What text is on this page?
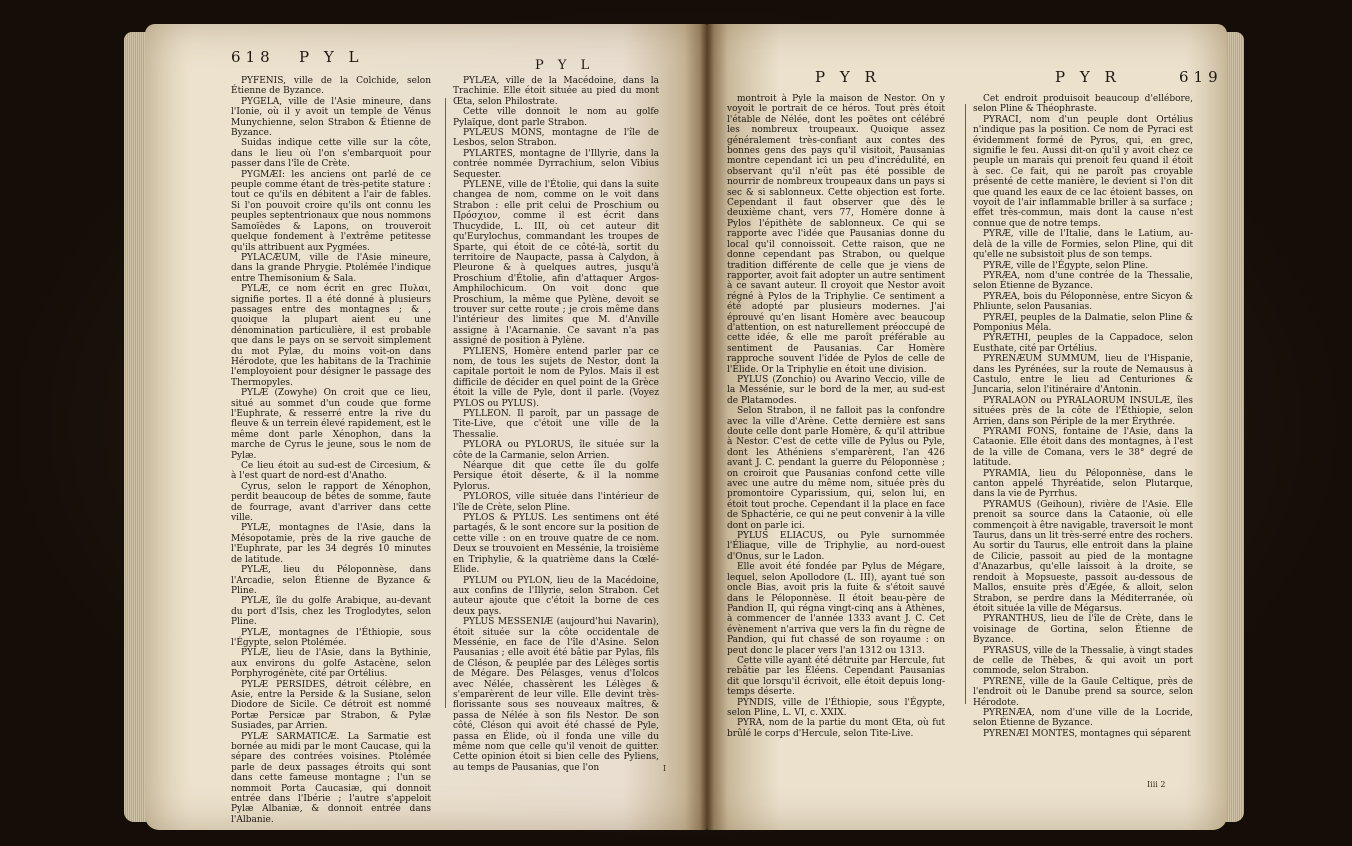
618 P Y L	P Y L

PYFENIS, ville de la Colchide, selon Étienne de Byzance.

PYGELA, ville de l'Asie mineure, dans l'Ionie, où il y avoit un temple de Vénus Munychienne, selon Strabon & Étienne de Byzance.

Suidas indique cette ville sur la côte, dans le lieu où l'on s'embarquoit pour passer dans l'île de Crète.

PYGMÆI: les anciens ont parlé de ce peuple comme étant de très-petite stature : tout ce qu'ils en débitent a l'air de fables. Si l'on pouvoit croire qu'ils ont connu les peuples septentrionaux que nous nommons Samoïèdes & Lapons, on trouveroit quelque fondement à l'extrême petitesse qu'ils attribuent aux Pygmées.

PYLACÆUM, ville de l'Asie mineure, dans la grande Phrygie. Ptolémée l'indique entre Themisonium & Sala.

PYLÆ, ce nom écrit en grec Πυλαι, signifie portes. Il a été donné à plusieurs passages entre des montagnes ; & , quoique la plupart aient eu une dénomination particulière, il est probable que dans le pays on se servoit simplement du mot Pylæ, du moins voit-on dans Hérodote, que les habitans de la Trachinie l'employoient pour désigner le passage des Thermopyles.

PYLÆ (Zowyhe) On croit que ce lieu, situé au sommet d'un coude que forme l'Euphrate, & resserré entre la rive du fleuve & un terrein élevé rapidement, est le même dont parle Xénophon, dans la marche de Cyrus le jeune, sous le nom de Pylæ.

Ce lieu étoit au sud-est de Circesium, & à l'est quart de nord-est d'Anatho.

Cyrus, selon le rapport de Xénophon, perdit beaucoup de bêtes de somme, faute de fourrage, avant d'arriver dans cette ville.

PYLÆ, montagnes de l'Asie, dans la Mésopotamie, près de la rive gauche de l'Euphrate, par les 34 degrés 10 minutes de latitude.

PYLÆ, lieu du Péloponnèse, dans l'Arcadie, selon Étienne de Byzance & Pline.

PYLÆ, île du golfe Arabique, au-devant du port d'Isis, chez les Troglodytes, selon Pline.

PYLÆ, montagnes de l'Éthiopie, sous l'Égypte, selon Ptolémée.

PYLÆ, lieu de l'Asie, dans la Bythinie, aux environs du golfe Astacène, selon Porphyrogénète, cité par Ortélius.

PYLÆ PERSIDES, détroit célèbre, en Asie, entre la Perside & la Susiane, selon Diodore de Sicile. Ce détroit est nommé Portæ Persicæ par Strabon, & Pylæ Susiades, par Arrien.

PYLÆ SARMATICÆ. La Sarmatie est bornée au midi par le mont Caucase, qui la sépare des contrées voisines. Ptolémée parle de deux passages étroits qui sont dans cette fameuse montagne ; l'un se nommoit Porta Caucasiæ, qui donnoit entrée dans l'Ibérie ; l'autre s'appeloit Pylæ Albaniæ, & donnoit entrée dans l'Albanie.

PYLÆA, ville de la Macédoine, dans la Trachinie. Elle étoit située au pied du mont Œta, selon Philostrate.

Cette ville donnoit le nom au golfe Pylaïque, dont parle Strabon.

PYLÆUS MONS, montagne de l'île de Lesbos, selon Strabon.

PYLARTES, montagne de l'Illyrie, dans la contrée nommée Dyrrachium, selon Vibius Sequester.

PYLENE, ville de l'Étolie, qui dans la suite changea de nom, comme on le voit dans Strabon : elle prit celui de Proschium ou Πρόσχιον, comme il est écrit dans Thucydide, L. III, où cet auteur dit qu'Eurylochus, commandant les troupes de Sparte, qui étoit de ce côté-là, sortit du territoire de Naupacte, passa à Calydon, à Pleurone & à quelques autres, jusqu'à Proschium d'Étolie, afin d'attaquer Argos-Amphilochicum. On voit donc que Proschium, la même que Pylène, devoit se trouver sur cette route ; je crois même dans l'intérieur des limites que M. d'Anville assigne à l'Acarnanie. Ce savant n'a pas assigné de position à Pylène.

PYLIENS, Homère entend parler par ce nom, de tous les sujets de Nestor, dont la capitale portoit le nom de Pylos. Mais il est difficile de décider en quel point de la Grèce étoit la ville de Pyle, dont il parle. (Voyez PYLOS ou PYLUS).

PYLLEON. Il paroît, par un passage de Tite-Live, que c'étoit une ville de la Thessalie.

PYLORA ou PYLORUS, île située sur la côte de la Carmanie, selon Arrien.

Néarque dit que cette île du golfe Persique étoit déserte, & il la nomme Pylorus.

PYLOROS, ville située dans l'intérieur de l'île de Crète, selon Pline.

PYLOS & PYLUS. Les sentimens ont été partagés, & le sont encore sur la position de cette ville : on en trouve quatre de ce nom. Deux se trouvoient en Messénie, la troisième en Triphylie, & la quatrième dans la Cœlé-Elide.

PYLUM ou PYLON, lieu de la Macédoine, aux confins de l'Illyrie, selon Strabon. Cet auteur ajoute que c'étoit la borne de ces deux pays.

PYLUS MESSENIÆ (aujourd'hui Navarin), étoit située sur la côte occidentale de Messénie, en face de l'île d'Asine. Selon Pausanias ; elle avoit été bâtie par Pylas, fils de Cléson, & peuplée par des Lélèges sortis de Mégare. Des Pélasges, venus d'Iolcos avec Nélée, chassèrent les Lélèges & s'emparèrent de leur ville. Elle devint très-florissante sous ses nouveaux maîtres, & passa de Nélée à son fils Nestor. De son côté, Cléson qui avoit été chassé de Pyle, passa en Élide, où il fonda une ville du même nom que celle qu'il venoit de quitter. Cette opinion étoit si bien celle des Pyliens, au temps de Pausanias, que l'on	I
P Y R	P Y R	619

montroit à Pyle la maison de Nestor. On y voyoit le portrait de ce héros. Tout près étoit l'étable de Nélée, dont les poëtes ont célébré les nombreux troupeaux. Quoique assez généralement très-confiant aux contes des bonnes gens des pays qu'il visitoit, Pausanias montre cependant ici un peu d'incrédulité, en observant qu'il n'eût pas été possible de nourrir de nombreux troupeaux dans un pays si sec & si sablonneux. Cette objection est forte. Cependant il faut observer que dès le deuxième chant, vers 77, Homère donne à Pylos l'épithète de sablonneux. Ce qui se rapporte avec l'idée que Pausanias donne du local qu'il connoissoit. Cette raison, que ne donne cependant pas Strabon, ou quelque tradition différente de celle que je viens de rapporter, avoit fait adopter un autre sentiment à ce savant auteur. Il croyoit que Nestor avoit régné à Pylos de la Triphylie. Ce sentiment a été adopté par plusieurs modernes. J'ai éprouvé qu'en lisant Homère avec beaucoup d'attention, on est naturellement préoccupé de cette idée, & elle me paroît préférable au sentiment de Pausanias. Car Homère rapproche souvent l'idée de Pylos de celle de l'Élide. Or la Triphylie en étoit une division.

PYLUS (Zonchio) ou Avarino Veccio, ville de la Messénie, sur le bord de la mer, au sud-est de Platamodes.

Selon Strabon, il ne falloit pas la confondre avec la ville d'Arène. Cette dernière est sans doute celle dont parle Homère, & qu'il attribue à Nestor. C'est de cette ville de Pylus ou Pyle, dont les Athéniens s'emparèrent, l'an 426 avant J. C. pendant la guerre du Péloponnèse ; on croiroit que Pausanias confond cette ville avec une autre du même nom, située près du promontoire Cyparissium, qui, selon lui, en étoit tout proche. Cependant il la place en face de Sphactérie, ce qui ne peut convenir à la ville dont on parle ici.

PYLUS ELIACUS, ou Pyle surnommée l'Éliaque, ville de Triphylie, au nord-ouest d'Onus, sur le Ladon.

Elle avoit été fondée par Pylus de Mégare, lequel, selon Apollodore (L. III), ayant tué son oncle Bias, avoit pris la fuite & s'étoit sauvé dans le Péloponnèse. Il étoit beau-père de Pandion II, qui régna vingt-cinq ans à Athènes, à commencer de l'année 1333 avant J. C. Cet évènement n'arriva que vers la fin du règne de Pandion, qui fut chassé de son royaume : on peut donc le placer vers l'an 1312 ou 1313.

Cette ville ayant été détruite par Hercule, fut rebâtie par les Éléens. Cependant Pausanias dit que lorsqu'il écrivoit, elle étoit depuis long-temps déserte.

PYNDIS, ville de l'Éthiopie, sous l'Égypte, selon Pline, L. VI, c. XXIX.

PYRA, nom de la partie du mont Œta, où fut brûlé le corps d'Hercule, selon Tite-Live.

Cet endroit produisoit beaucoup d'ellébore, selon Pline & Théophraste.

PYRACI, nom d'un peuple dont Ortélius n'indique pas la position. Ce nom de Pyraci est évidemment formé de Pyros, qui, en grec, signifie le feu. Aussi dit-on qu'il y avoit chez ce peuple un marais qui prenoit feu quand il étoit à sec. Ce fait, qui ne paroît pas croyable présenté de cette manière, le devient si l'on dit que quand les eaux de ce lac étoient basses, on voyoit de l'air inflammable briller à sa surface ; effet très-commun, mais dont la cause n'est connue que de notre temps.

PYRÆ, ville de l'Italie, dans le Latium, au-delà de la ville de Formies, selon Pline, qui dit qu'elle ne subsistoit plus de son temps.

PYRÆ, ville de l'Égypte, selon Pline.

PYRÆA, nom d'une contrée de la Thessalie, selon Étienne de Byzance.

PYRÆA, bois du Péloponnèse, entre Sicyon & Phliunte, selon Pausanias.

PYRÆI, peuples de la Dalmatie, selon Pline & Pomponius Méla.

PYRÆTHI, peuples de la Cappadoce, selon Eusthate, cité par Ortélius.

PYRENÆUM SUMMUM, lieu de l'Hispanie, dans les Pyrénées, sur la route de Nemausus à Castulo, entre le lieu ad Centuriones & Juncaria, selon l'itinéraire d'Antonin.

PYRALAON ou PYRALAORUM INSULÆ, îles situées près de la côte de l'Éthiopie, selon Arrien, dans son Périple de la mer Érythrée.

PYRAMI FONS, fontaine de l'Asie, dans la Cataonie. Elle étoit dans des montagnes, à l'est de la ville de Comana, vers le 38° degré de latitude.

PYRAMIA, lieu du Péloponnèse, dans le canton appelé Thyréatide, selon Plutarque, dans la vie de Pyrrhus.

PYRAMUS (Geihoun), rivière de l'Asie. Elle prenoit sa source dans la Cataonie, où elle commençoit à être navigable, traversoit le mont Taurus, dans un lit très-serré entre des rochers. Au sortir du Taurus, elle entroit dans la plaine de Cilicie, passoit au pied de la montagne d'Anazarbus, qu'elle laissoit à la droite, se rendoit à Mopsueste, passoit au-dessous de Mallos, ensuite près d'Ægée, & alloit, selon Strabon, se perdre dans la Méditerranée, où étoit située la ville de Mégarsus.

PYRANTHUS, lieu de l'île de Crète, dans le voisinage de Gortina, selon Étienne de Byzance.

PYRASUS, ville de la Thessalie, à vingt stades de celle de Thèbes, & qui avoit un port commode, selon Strabon.

PYRENE, ville de la Gaule Celtique, près de l'endroit où le Danube prend sa source, selon Hérodote.

PYRENÆA, nom d'une ville de la Locride, selon Étienne de Byzance.

PYRENÆI MONTES, montagnes qui séparent

Iiii 2
